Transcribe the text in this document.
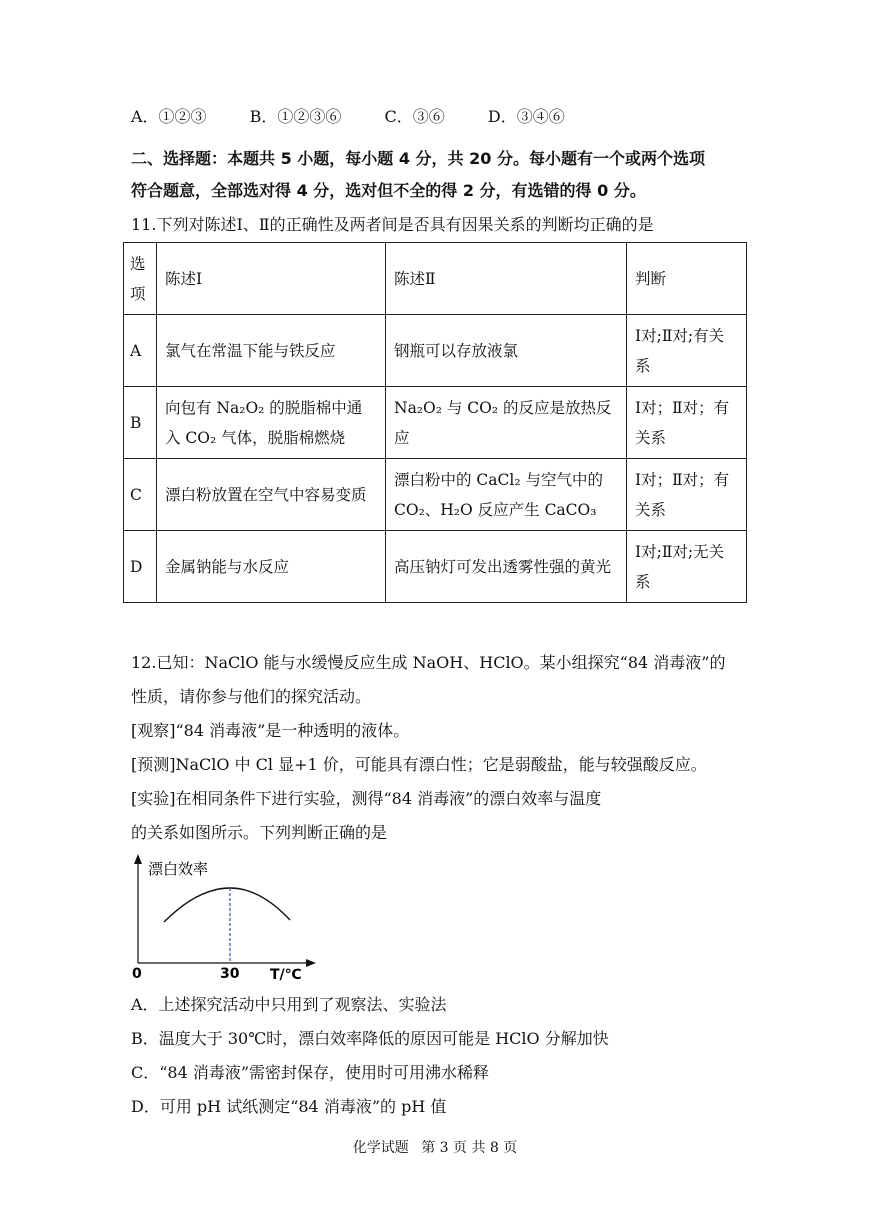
A．①②③	B．①②③⑥	C．③⑥	D．③④⑥
二、选择题：本题共 5 小题，每小题 4 分，共 20 分。每小题有一个或两个选项
符合题意，全部选对得 4 分，选对但不全的得 2 分，有选错的得 0 分。
11.下列对陈述Ⅰ、Ⅱ的正确性及两者间是否具有因果关系的判断均正确的是
选项	陈述Ⅰ	陈述Ⅱ	判断
A	氯气在常温下能与铁反应	钢瓶可以存放液氯	Ⅰ对;Ⅱ对;有关系
B	向包有 Na₂O₂ 的脱脂棉中通入 CO₂ 气体，脱脂棉燃烧	Na₂O₂ 与 CO₂ 的反应是放热反应	Ⅰ对；Ⅱ对；有关系
C	漂白粉放置在空气中容易变质	漂白粉中的 CaCl₂ 与空气中的 CO₂、H₂O 反应产生 CaCO₃	Ⅰ对；Ⅱ对；有关系
D	金属钠能与水反应	高压钠灯可发出透雾性强的黄光	Ⅰ对;Ⅱ对;无关系
12.已知：NaClO 能与水缓慢反应生成 NaOH、HClO。某小组探究“84 消毒液”的
性质，请你参与他们的探究活动。
[观察]“84 消毒液”是一种透明的液体。
[预测]NaClO 中 Cl 显+1 价，可能具有漂白性；它是弱酸盐，能与较强酸反应。
[实验]在相同条件下进行实验，测得“84 消毒液”的漂白效率与温度
的关系如图所示。下列判断正确的是
漂白效率
0	30 T/℃
A．上述探究活动中只用到了观察法、实验法
B．温度大于 30℃时，漂白效率降低的原因可能是 HClO 分解加快
C．“84 消毒液”需密封保存，使用时可用沸水稀释
D．可用 pH 试纸测定“84 消毒液”的 pH 值
化学试题 第 3 页 共 8 页
